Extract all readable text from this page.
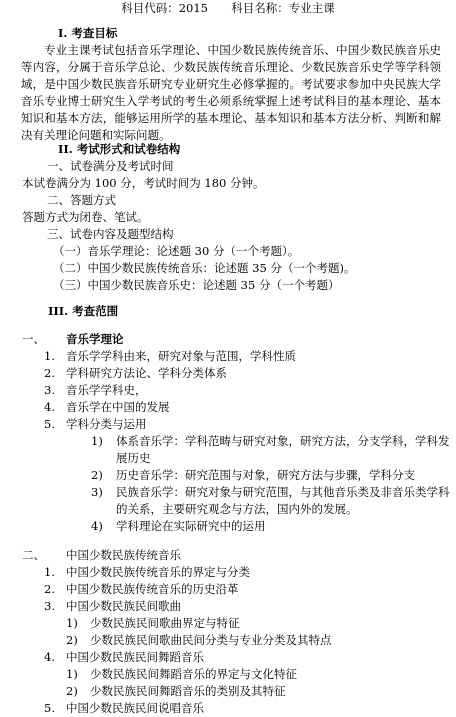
科目代码：2015 科目名称：专业主课
I. 考查目标

专业主课考试包括音乐学理论、中国少数民族传统音乐、中国少数民族音乐史等内容，分属于音乐学总论、少数民族传统音乐理论、少数民族音乐史学等学科领域，是中国少数民族音乐研究专业研究生必修掌握的。考试要求参加中央民族大学音乐专业博士研究生入学考试的考生必须系统掌握上述考试科目的基本理论、基本知识和基本方法，能够运用所学的基本理论、基本知识和基本方法分析、判断和解决有关理论问题和实际问题。

II. 考试形式和试卷结构
一、试卷满分及考试时间
本试卷满分为 100 分，考试时间为 180 分钟。
二、答题方式
答题方式为闭卷、笔试。
三、试卷内容及题型结构
（一）音乐学理论：论述题 30 分（一个考题）。
（二）中国少数民族传统音乐：论述题 35 分（一个考题)。
（三）中国少数民族音乐史：论述题 35 分（一个考题）
III. 考查范围
一、 音乐学理论
1. 音乐学学科由来，研究对象与范围，学科性质
2. 学科研究方法论、学科分类体系
3. 音乐学学科史，
4. 音乐学在中国的发展
5. 学科分类与运用
1) 体系音乐学：学科范畴与研究对象，研究方法，分支学科，学科发
展历史
2) 历史音乐学：研究范围与对象，研究方法与步骤，学科分支
3) 民族音乐学：研究对象与研究范围，与其他音乐类及非音乐类学科
的关系，主要研究观念与方法，国内外的发展。
4) 学科理论在实际研究中的运用
二、 中国少数民族传统音乐
1. 中国少数民族传统音乐的界定与分类
2. 中国少数民族传统音乐的历史沿革
3. 中国少数民族民间歌曲
1) 少数民族民间歌曲界定与特征
2) 少数民族民间歌曲民间分类与专业分类及其特点
4. 中国少数民族民间舞蹈音乐
1) 少数民族民间舞蹈音乐的界定与文化特征
2) 少数民族民间舞蹈音乐的类别及其特征
5. 中国少数民族民间说唱音乐
